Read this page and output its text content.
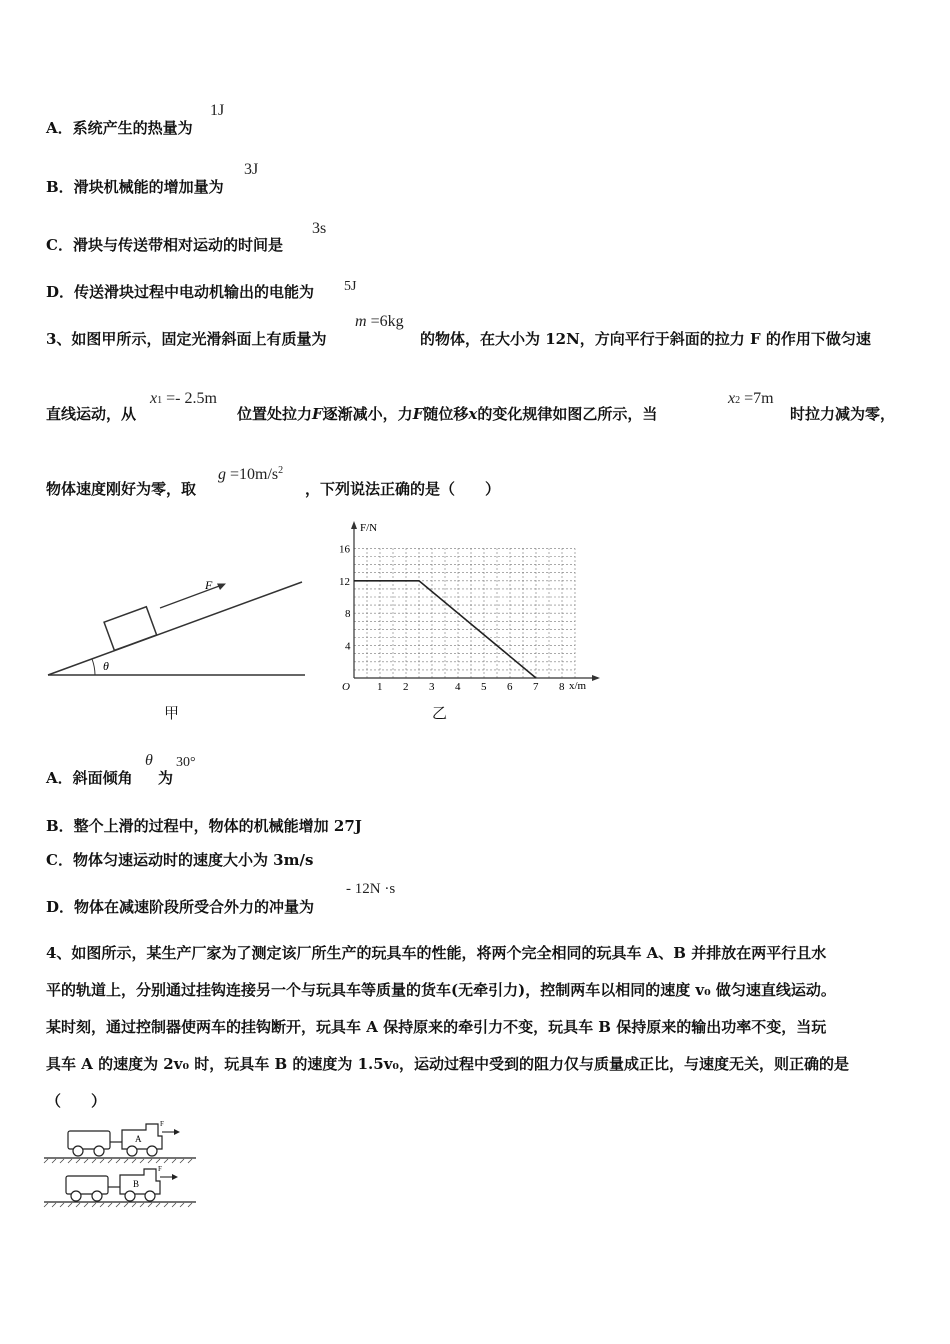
A．系统产生的热量为
1J
B．滑块机械能的增加量为
3J
C．滑块与传送带相对运动的时间是
3s
D．传送滑块过程中电动机输出的电能为 5J
3、如图甲所示，固定光滑斜面上有质量为
m =6kg
的物体，在大小为 12N，方向平行于斜面的拉力 F 的作用下做匀速
直线运动，从
x1 =- 2.5m
位置处拉力F逐渐减小，力F随位移x的变化规律如图乙所示，当
x2 =7m
时拉力减为零，
物体速度刚好为零，取
$g =10m/s^2$
，下列说法正确的是（　　）
θ
F
甲
F/N
x/m
O 1 2 3 4 5 6 7 8
4
8
12
16
乙
A．斜面倾角
θ
为
30°
B．整个上滑的过程中，物体的机械能增加 27J
C．物体匀速运动时的速度大小为 3m/s
D．物体在减速阶段所受合外力的冲量为
- 12N ·s
4、如图所示，某生产厂家为了测定该厂所生产的玩具车的性能，将两个完全相同的玩具车 A、B 并排放在两平行且水
平的轨道上，分别通过挂钩连接另一个与玩具车等质量的货车(无牵引力)，控制两车以相同的速度 v₀ 做匀速直线运动。
某时刻，通过控制器使两车的挂钩断开，玩具车 A 保持原来的牵引力不变，玩具车 B 保持原来的输出功率不变，当玩
具车 A 的速度为 2v₀ 时，玩具车 B 的速度为 1.5v₀，运动过程中受到的阻力仅与质量成正比，与速度无关，则正确的是
（　　）
A
F
B
F
